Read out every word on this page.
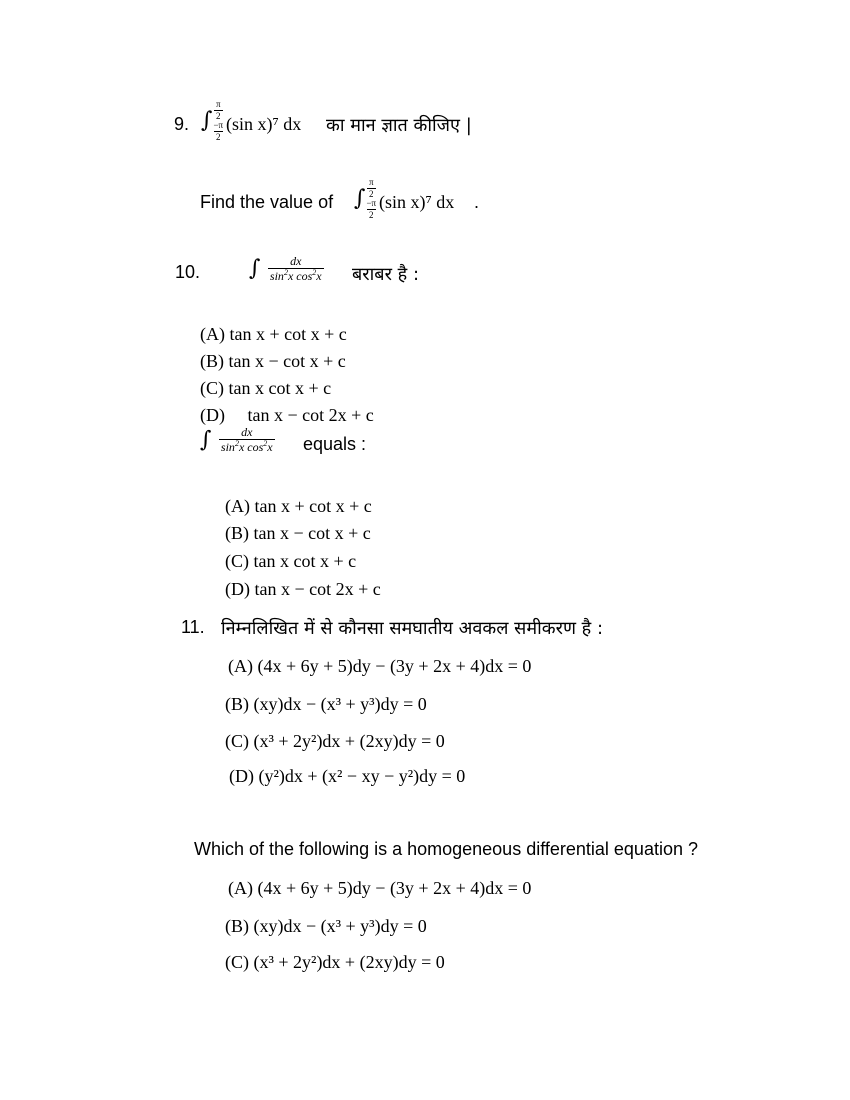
9. ∫ $\frac{\pi}{2}$
$\frac{-\pi}{2} (\sin$ x)⁷ dx का मान ज्ञात कीजिए |
Find the value of ∫ $\frac{\pi}{2}$
$\frac{-\pi}{2} (\sin$ x)⁷ dx .
10. ∫ $\frac{dx}{\sin^2x \cos^2x}$ बराबर है :
(A) tan x + cot x + c
(B) tan x − cot x + c
(C) tan x cot x + c
(D)     tan x − cot 2x + c
∫ $\frac{dx}{\sin^2x \cos^2x}$ equals :
(A) tan x + cot x + c
(B) tan x − cot x + c
(C) tan x cot x + c
(D) tan x − cot 2x + c
11. निम्नलिखित में से कौनसा समघातीय अवकल समीकरण है :
(A) (4x + 6y + 5)dy − (3y + 2x + 4)dx = 0
(B) (xy)dx − (x³ + y³)dy = 0
(C) (x³ + 2y²)dx + (2xy)dy = 0
(D) (y²)dx + (x² − xy − y²)dy = 0
Which of the following is a homogeneous differential equation ?
(A) (4x + 6y + 5)dy − (3y + 2x + 4)dx = 0
(B) (xy)dx − (x³ + y³)dy = 0
(C) (x³ + 2y²)dx + (2xy)dy = 0
